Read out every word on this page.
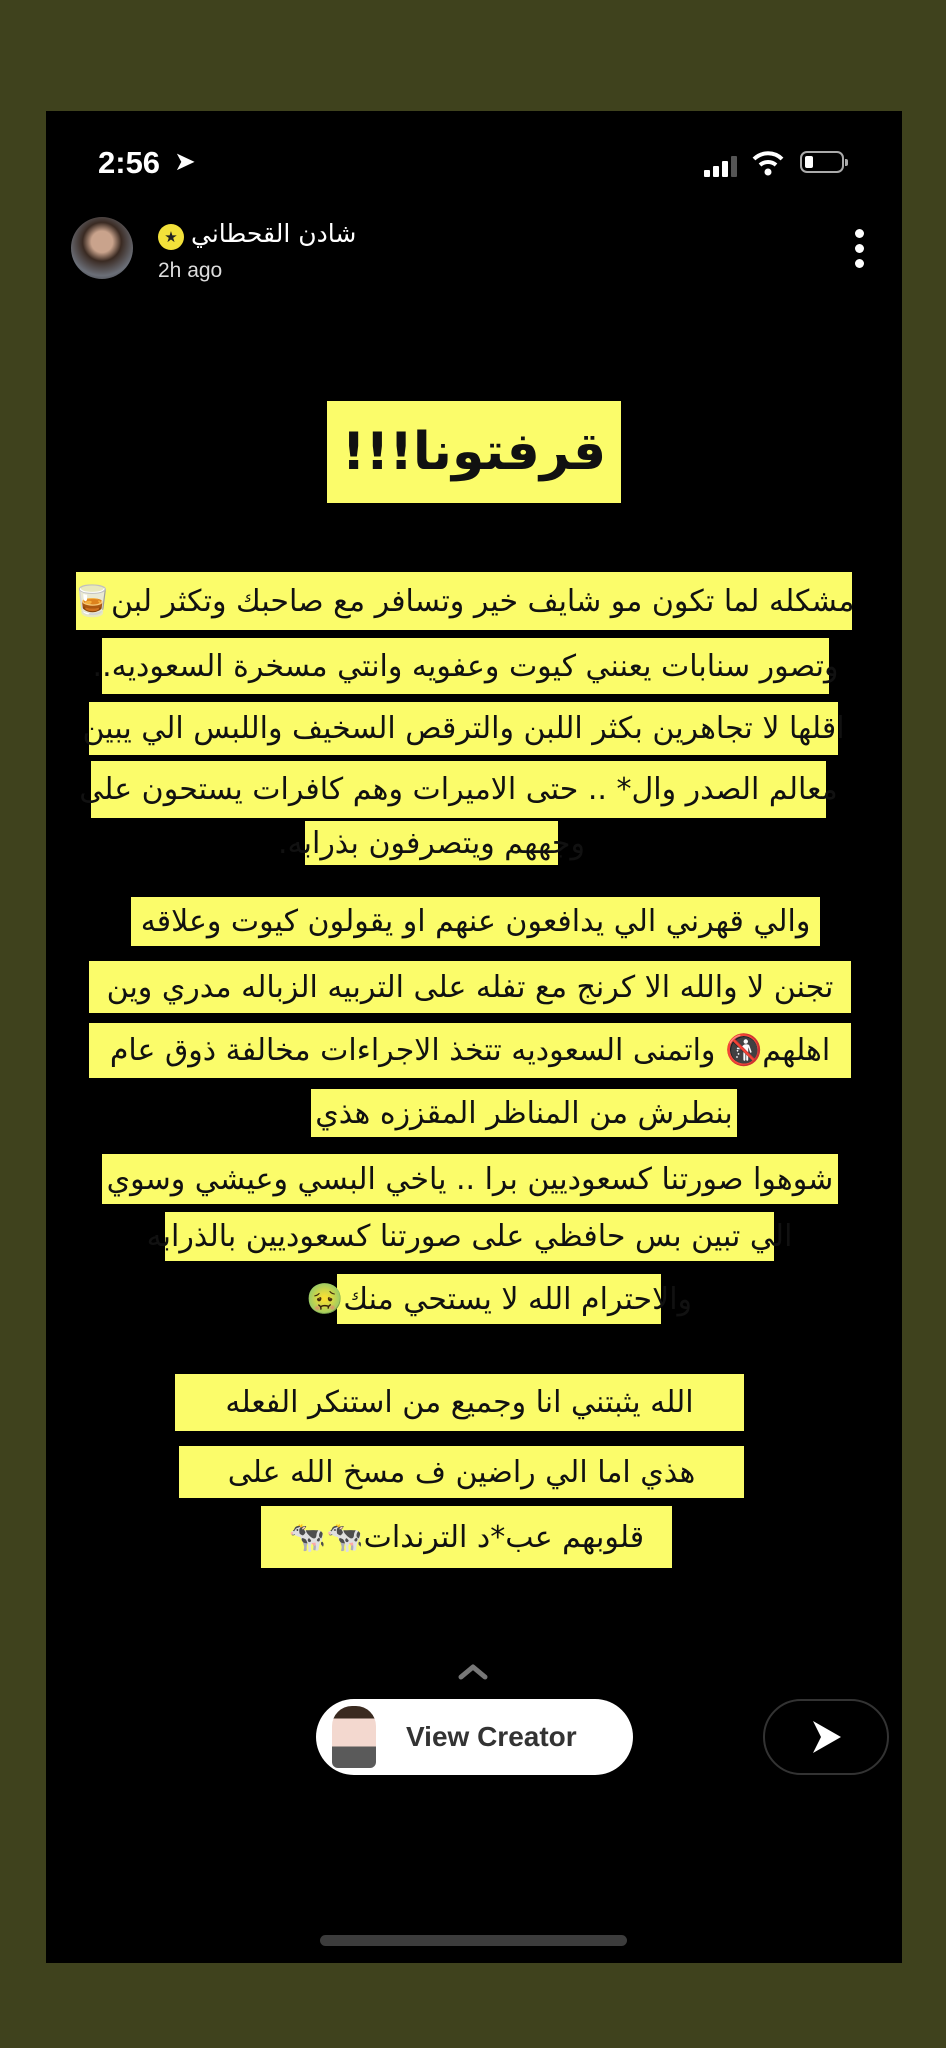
2:56 ➤
★ شادن القحطاني
2h ago
قرفتونا!!!
مشكله لما تكون مو شايف خير وتسافر مع صاحبك وتكثر لبن🥃
وتصور سنابات يعنني كيوت وعفويه وانتي مسخرة السعوديه..
اقلها لا تجاهرين بكثر اللبن والترقص السخيف واللبس الي يبين
معالم الصدر وال* .. حتى الاميرات وهم كافرات يستحون على
وجههم ويتصرفون بذرابه.
والي قهرني الي يدافعون عنهم او يقولون كيوت وعلاقه
تجنن لا والله الا كرنج مع تفله على التربيه الزباله مدري وين
اهلهم🚯 واتمنى السعوديه تتخذ الاجراءات مخالفة ذوق عام
بنطرش من المناظر المقززه هذي
شوهوا صورتنا كسعوديين برا .. ياخي البسي وعيشي وسوي
الي تبين بس حافظي على صورتنا كسعوديين بالذرابه
والاحترام الله لا يستحي منك🤢
الله يثبتني انا وجميع من استنكر الفعله
هذي اما الي راضين ف مسخ الله على
قلوبهم عب*د الترندات🐄🐄
View Creator
